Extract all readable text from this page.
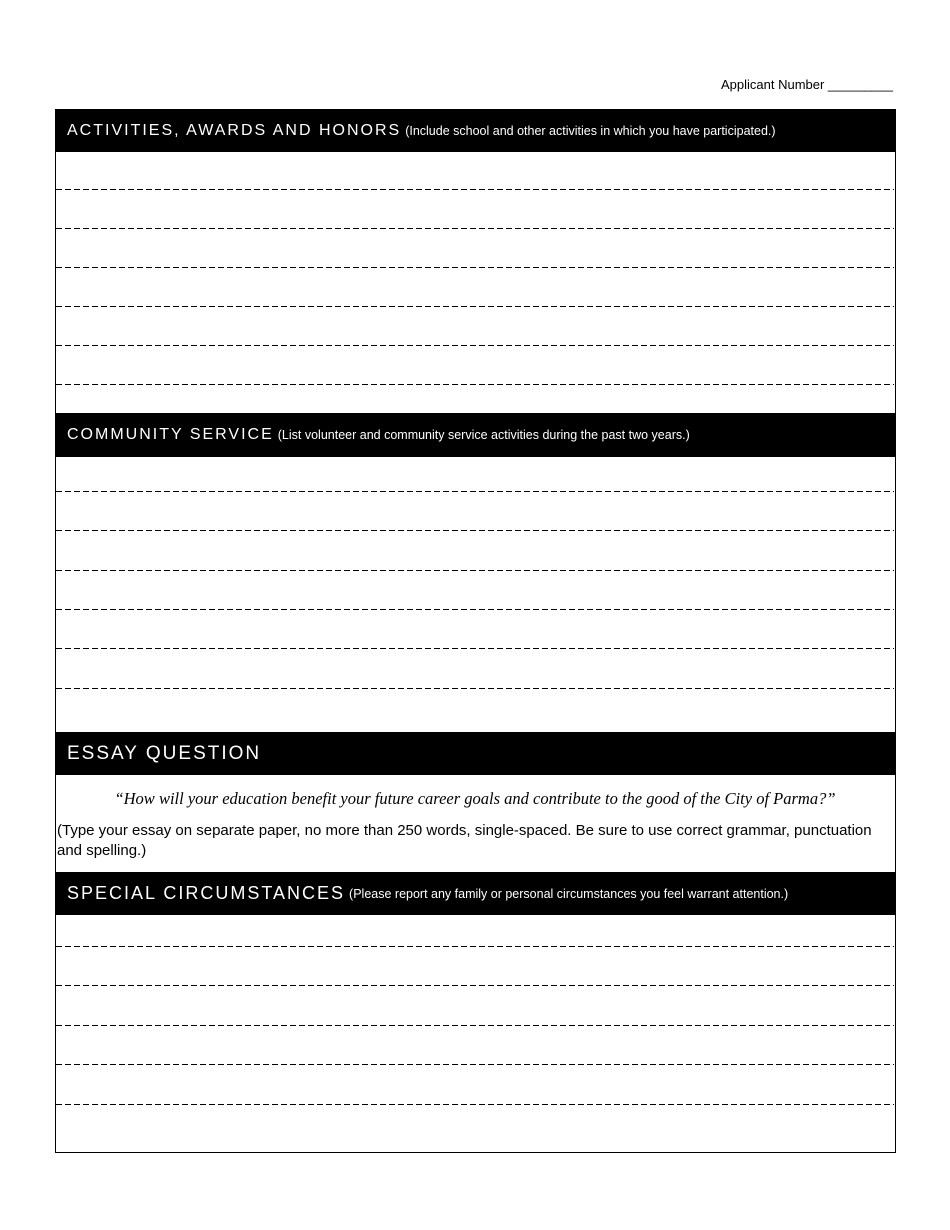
Applicant Number _________
ACTIVITIES, AWARDS AND HONORS (Include school and other activities in which you have participated.)
COMMUNITY SERVICE (List volunteer and community service activities during the past two years.)
ESSAY QUESTION
“How will your education benefit your future career goals and contribute to the good of the City of Parma?”
(Type your essay on separate paper, no more than 250 words, single-spaced. Be sure to use correct grammar, punctuation and spelling.)
SPECIAL CIRCUMSTANCES (Please report any family or personal circumstances you feel warrant attention.)
